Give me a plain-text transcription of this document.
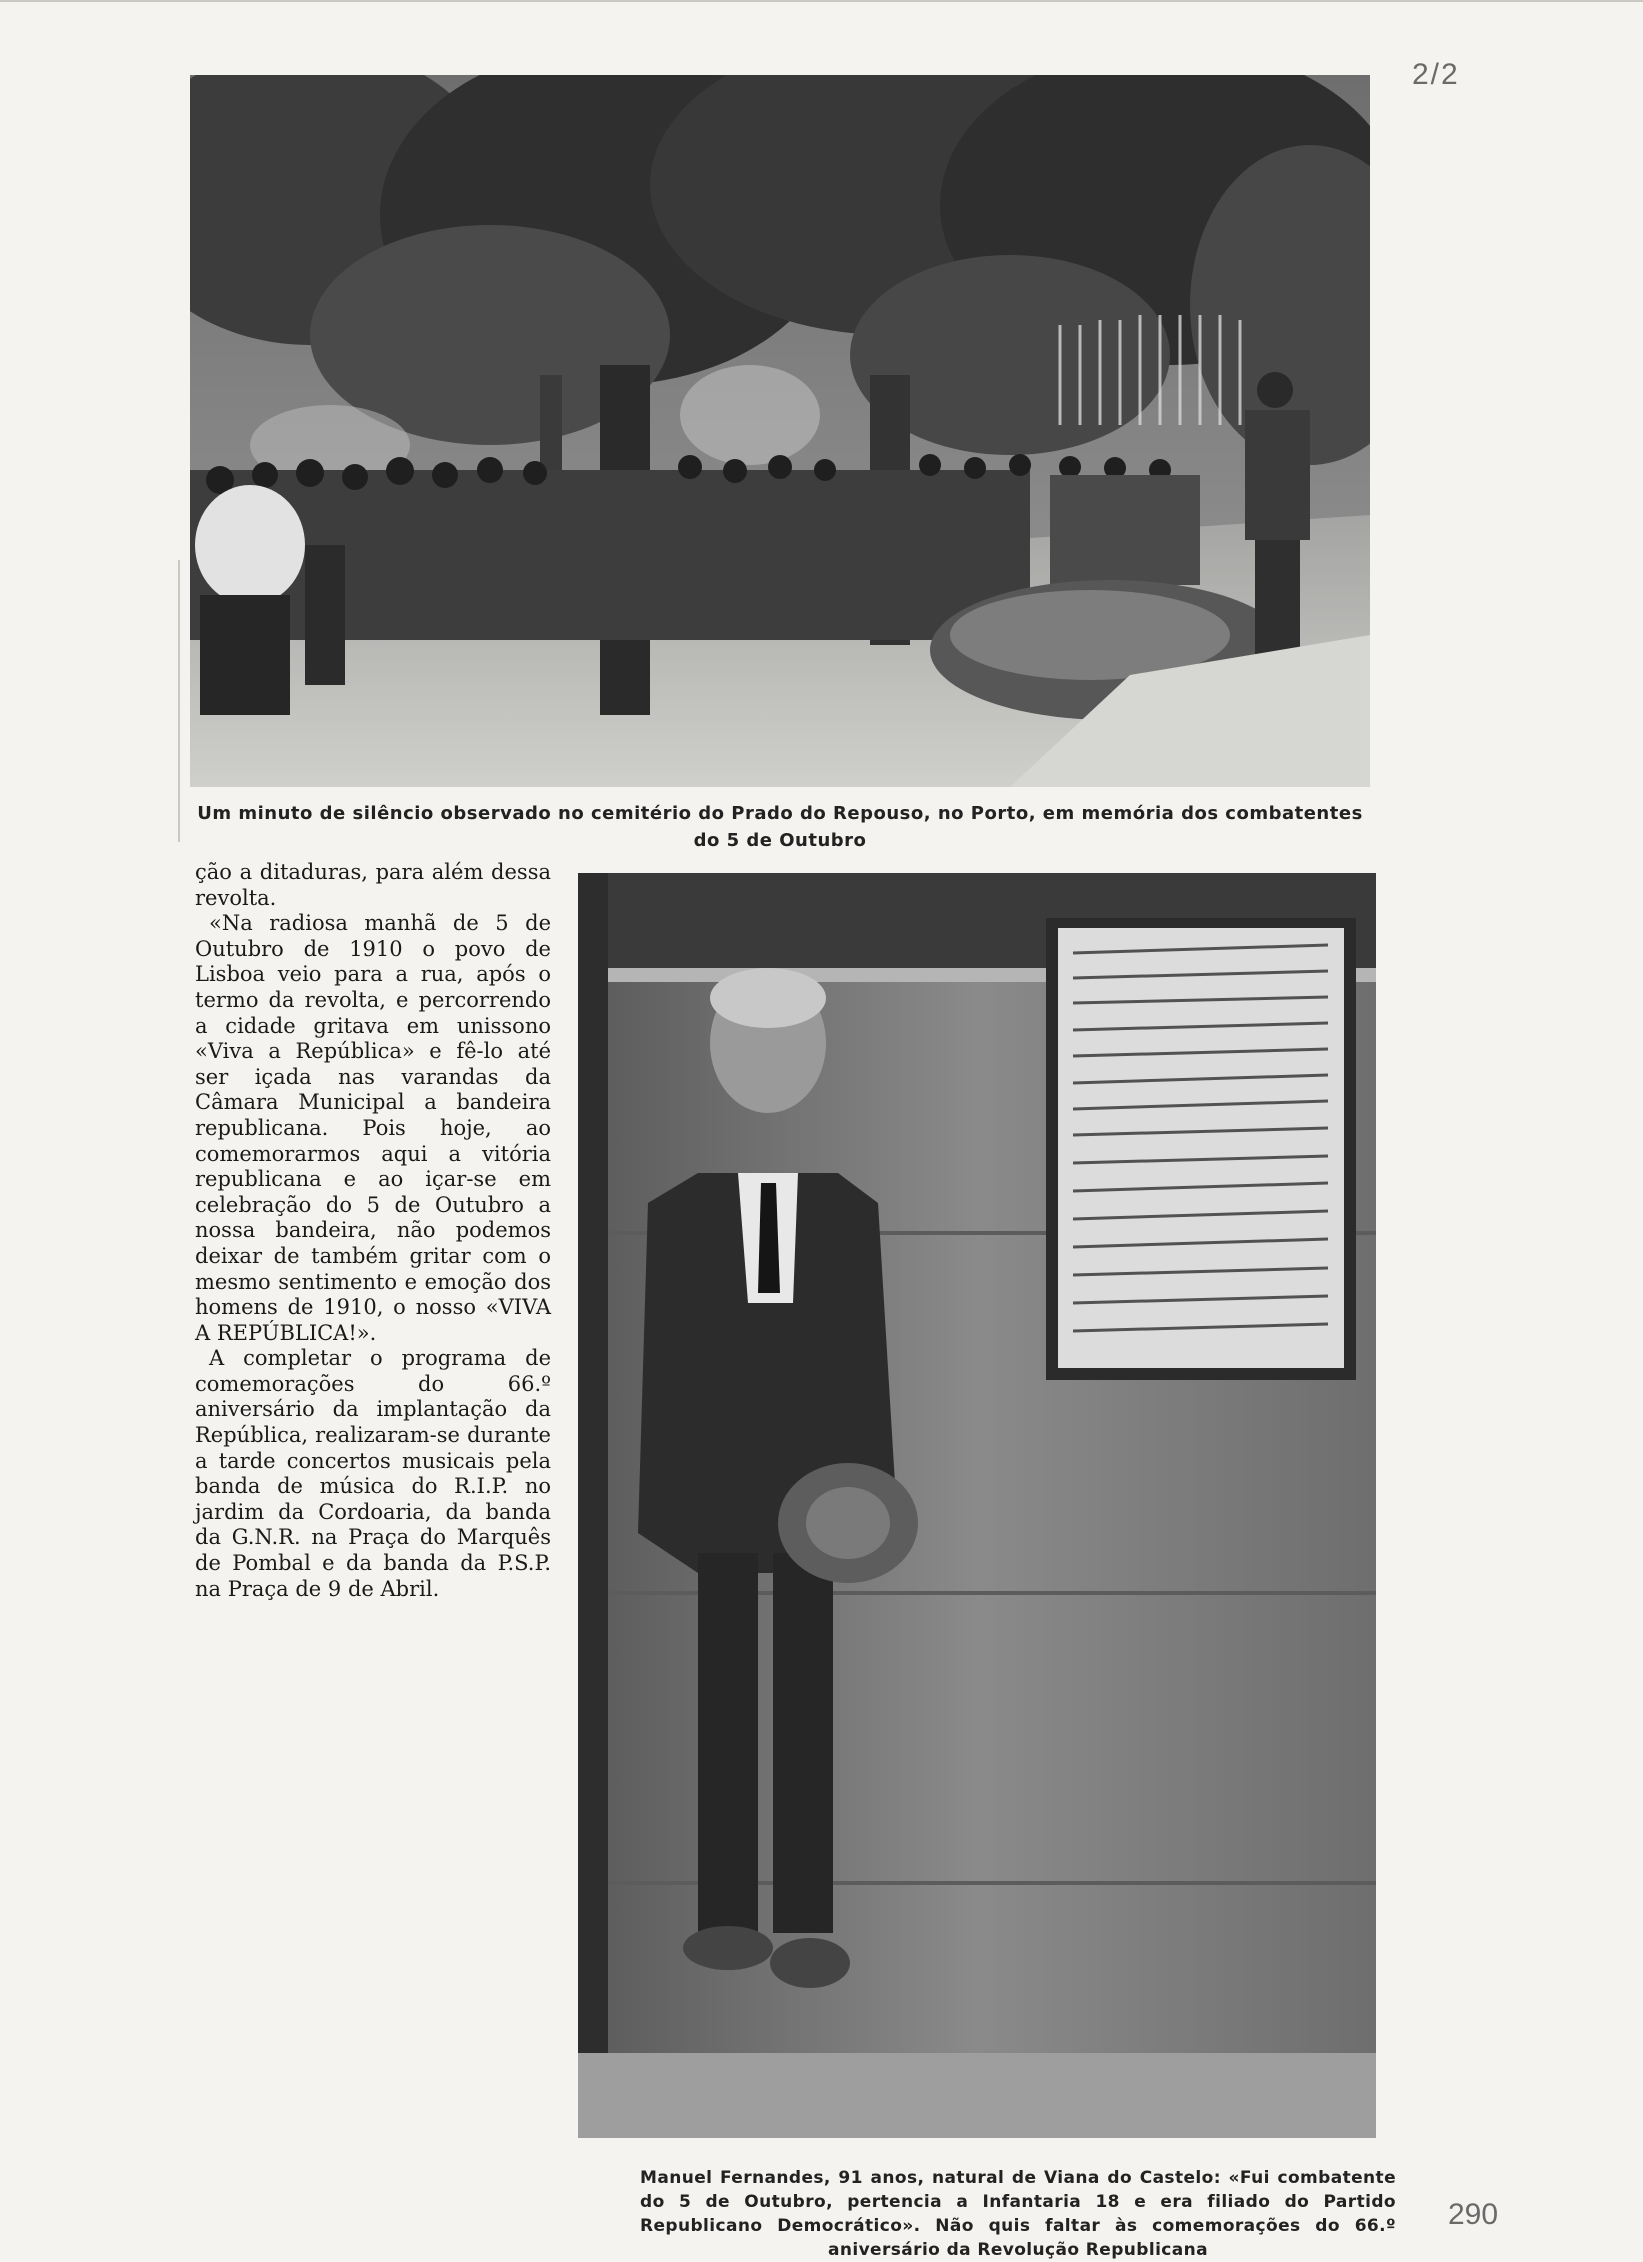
2/2
Um minuto de silêncio observado no cemitério do Prado do Repouso, no Porto, em memória dos combatentes do 5 de Outubro

ção a ditaduras, para além dessa revolta.

«Na radiosa manhã de 5 de Outubro de 1910 o povo de Lisboa veio para a rua, após o termo da revolta, e percorrendo a cidade gritava em unissono «Viva a República» e fê-lo até ser içada nas varandas da Câmara Municipal a bandeira republicana. Pois hoje, ao comemorarmos aqui a vitória republicana e ao içar-se em celebração do 5 de Outubro a nossa bandeira, não podemos deixar de também gritar com o mesmo sentimento e emoção dos homens de 1910, o nosso «VIVA A REPÚBLICA!».

A completar o programa de comemorações do 66.º aniversário da implantação da República, realizaram-se durante a tarde concertos musicais pela banda de música do R.I.P. no jardim da Cordoaria, da banda da G.N.R. na Praça do Marquês de Pombal e da banda da P.S.P. na Praça de 9 de Abril.

Manuel Fernandes, 91 anos, natural de Viana do Castelo: «Fui combatente do 5 de Outubro, pertencia a Infantaria 18 e era filiado do Partido Republicano Democrático». Não quis faltar às comemorações do 66.º aniversário da Revolução Republicana
290
